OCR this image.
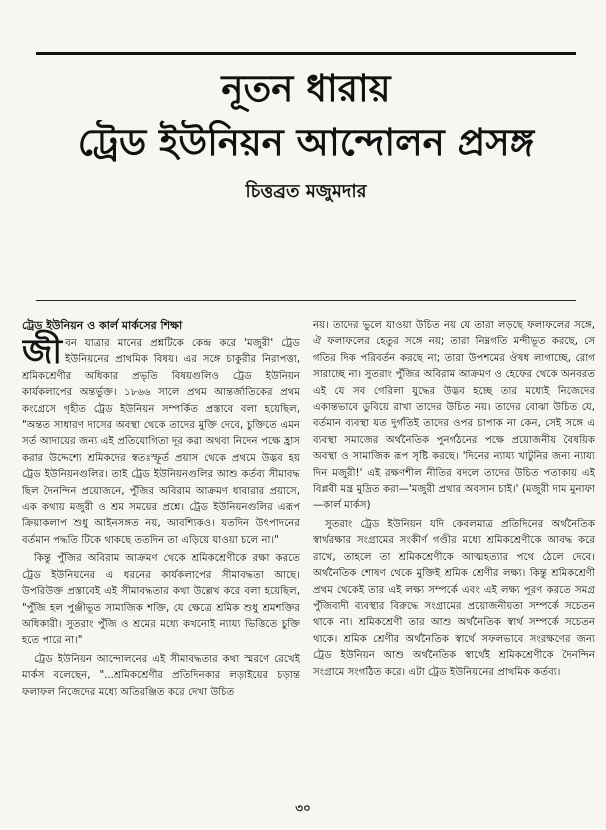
নূতন ধারায়
ট্রেড ইউনিয়ন আন্দোলন প্রসঙ্গ
চিত্তব্রত মজুমদার
ট্রেড ইউনিয়ন ও কার্ল মার্কসের শিক্ষা

জীবন যাত্রার মানের প্রশ্নটিকে কেন্দ্র করে 'মজুরী' ট্রেড ইউনিয়নের প্রাথমিক বিষয়। এর সঙ্গে চাকুরীর নিরাপত্তা, শ্রমিকশ্রেণীর অধিকার প্রভৃতি বিষয়গুলিও ট্রেড ইউনিয়ন কার্যকলাপের অন্তর্ভুক্ত। ১৮৬৬ সালে প্রথম আন্তর্জাতিকের প্রথম কংগ্রেসে গৃহীত ট্রেড ইউনিয়ন সম্পর্কিত প্রস্তাবে বলা হয়েছিল, "অন্তত সাধারণ দাসের অবস্থা থেকে তাদের মুক্তি দেবে, চুক্তিতে এমন সর্ত আদায়ের জন্য এই প্রতিযোগিতা দূর করা অথবা নিদেন পক্ষে হ্রাস করার উদ্দেশ্যে শ্রমিকদের স্বতঃস্ফূর্ত প্রয়াস থেকে প্রথমে উদ্ভব হয় ট্রেড ইউনিয়নগুলির। তাই ট্রেড ইউনিয়নগুলির আশু কর্তব্য সীমাবদ্ধ ছিল দৈনন্দিন প্রয়োজনে, পুঁজির অবিরাম আক্রমণ ধাবারার প্রয়াসে, এক কথায় মজুরী ও শ্রম সময়ের প্রশ্নে। ট্রেড ইউনিয়নগুলির এরূপ ক্রিয়াকলাপ শুধু আইনসঙ্গত নয়, আবশ্যিকও। যতদিন উৎপাদনের বর্তমান পদ্ধতি টিকে থাকছে ততদিন তা এড়িয়ে যাওয়া চলে না।"

কিন্তু পুঁজির অবিরাম আক্রমণ থেকে শ্রমিকশ্রেণীকে রক্ষা করতে ট্রেড ইউনিয়নের এ ধরনের কার্যকলাপের সীমাবদ্ধতা আছে। উপরিউক্ত প্রস্তাবেই এই সীমাবদ্ধতার কথা উল্লেখ করে বলা হয়েছিল, "পুঁজি হল পুঞ্জীভূত সামাজিক শক্তি, যে ক্ষেত্রে শ্রমিক শুধু শ্রমশক্তির অধিকারী। সুতরাং পুঁজি ও শ্রমের মধ্যে কখনোই ন্যায্য ভিত্তিতে চুক্তি হতে পারে না।"

ট্রেড ইউনিয়ন আন্দোলনের এই সীমাবদ্ধতার কথা স্মরণে রেখেই মার্কস বলেছেন, "...শ্রমিকশ্রেণীর প্রতিদিনকার লড়াইয়ের চড়ান্ত ফলাফল নিজেদের মধ্যে অতিরঞ্জিত করে দেখা উচিত

নয়। তাদের ভুলে যাওয়া উচিত নয় যে তারা লড়ছে ফলাফলের সঙ্গে, ঐ ফলাফলের হেতুর সঙ্গে নয়; তারা নিম্নগতি মন্দীভূত করছে, সে গতির দিক পরিবর্তন করছে না; তারা উপশমের ঔষধ লাগাচ্ছে, রোগ সারাচ্ছে না। সুতরাং পুঁজির অবিরাম আক্রমণ ও হেফের থেকে অনবরত এই যে সব গেরিলা যুদ্ধের উদ্ভব হচ্ছে তার মধ্যেই নিজেদের একান্তভাবে ডুবিয়ে রাখা তাদের উচিত নয়। তাদের বোঝা উচিত যে, বর্তমান ব্যবস্থা যত দুর্গতিই তাদের ওপর চাপাক না কেন, সেই সঙ্গে এ ব্যবস্থা সমাজের অর্থনৈতিক পুনর্গঠনের পক্ষে প্রয়োজনীয় বৈষয়িক অবস্থা ও সামাজিক রূপ সৃষ্টি করছে। 'দিনের ন্যায্য খাটুনির জন্য ন্যায্য দিন মজুরী!' এই রক্ষণশীল নীতির বদলে তাদের উচিত পতাকায় এই বিপ্লবী মন্ত্র মুদ্রিত করা—'মজুরী প্রথার অবসান চাই।' (মজুরী দাম মুনাফা—কার্ল মার্কস)

সুতরাং ট্রেড ইউনিয়ন যদি কেবলমাত্র প্রতিদিনের অর্থনৈতিক স্বার্থরক্ষার সংগ্রামের সংকীর্ণ গণ্ডীর মধ্যে শ্রমিকশ্রেণীকে আবদ্ধ করে রাখে, তাহলে তা শ্রমিকশ্রেণীকে আত্মহত্যার পথে ঠেলে দেবে। অর্থনৈতিক শোষণ থেকে মুক্তিই শ্রমিক শ্রেণীর লক্ষ্য। কিন্তু শ্রমিকশ্রেণী প্রথম থেকেই তার এই লক্ষ্য সম্পর্কে এবং এই লক্ষ্য পূরণ করতে সমগ্র পুঁজিবাদী ব্যবস্থার বিরুদ্ধে সংগ্রামের প্রয়োজনীয়তা সম্পর্কে সচেতন থাকে না। শ্রমিকশ্রেণী তার আশু অর্থনৈতিক স্বার্থ সম্পর্কে সচেতন থাকে। শ্রমিক শ্রেণীর অর্থনৈতিক স্বার্থে সফলভাবে সংরক্ষণের জন্য ট্রেড ইউনিয়ন আশু অর্থনৈতিক স্বার্থেই শ্রমিকশ্রেণীকে দৈনন্দিন সংগ্রামে সংগঠিত করে। এটা ট্রেড ইউনিয়নের প্রাথমিক কর্তব্য।

৩০
